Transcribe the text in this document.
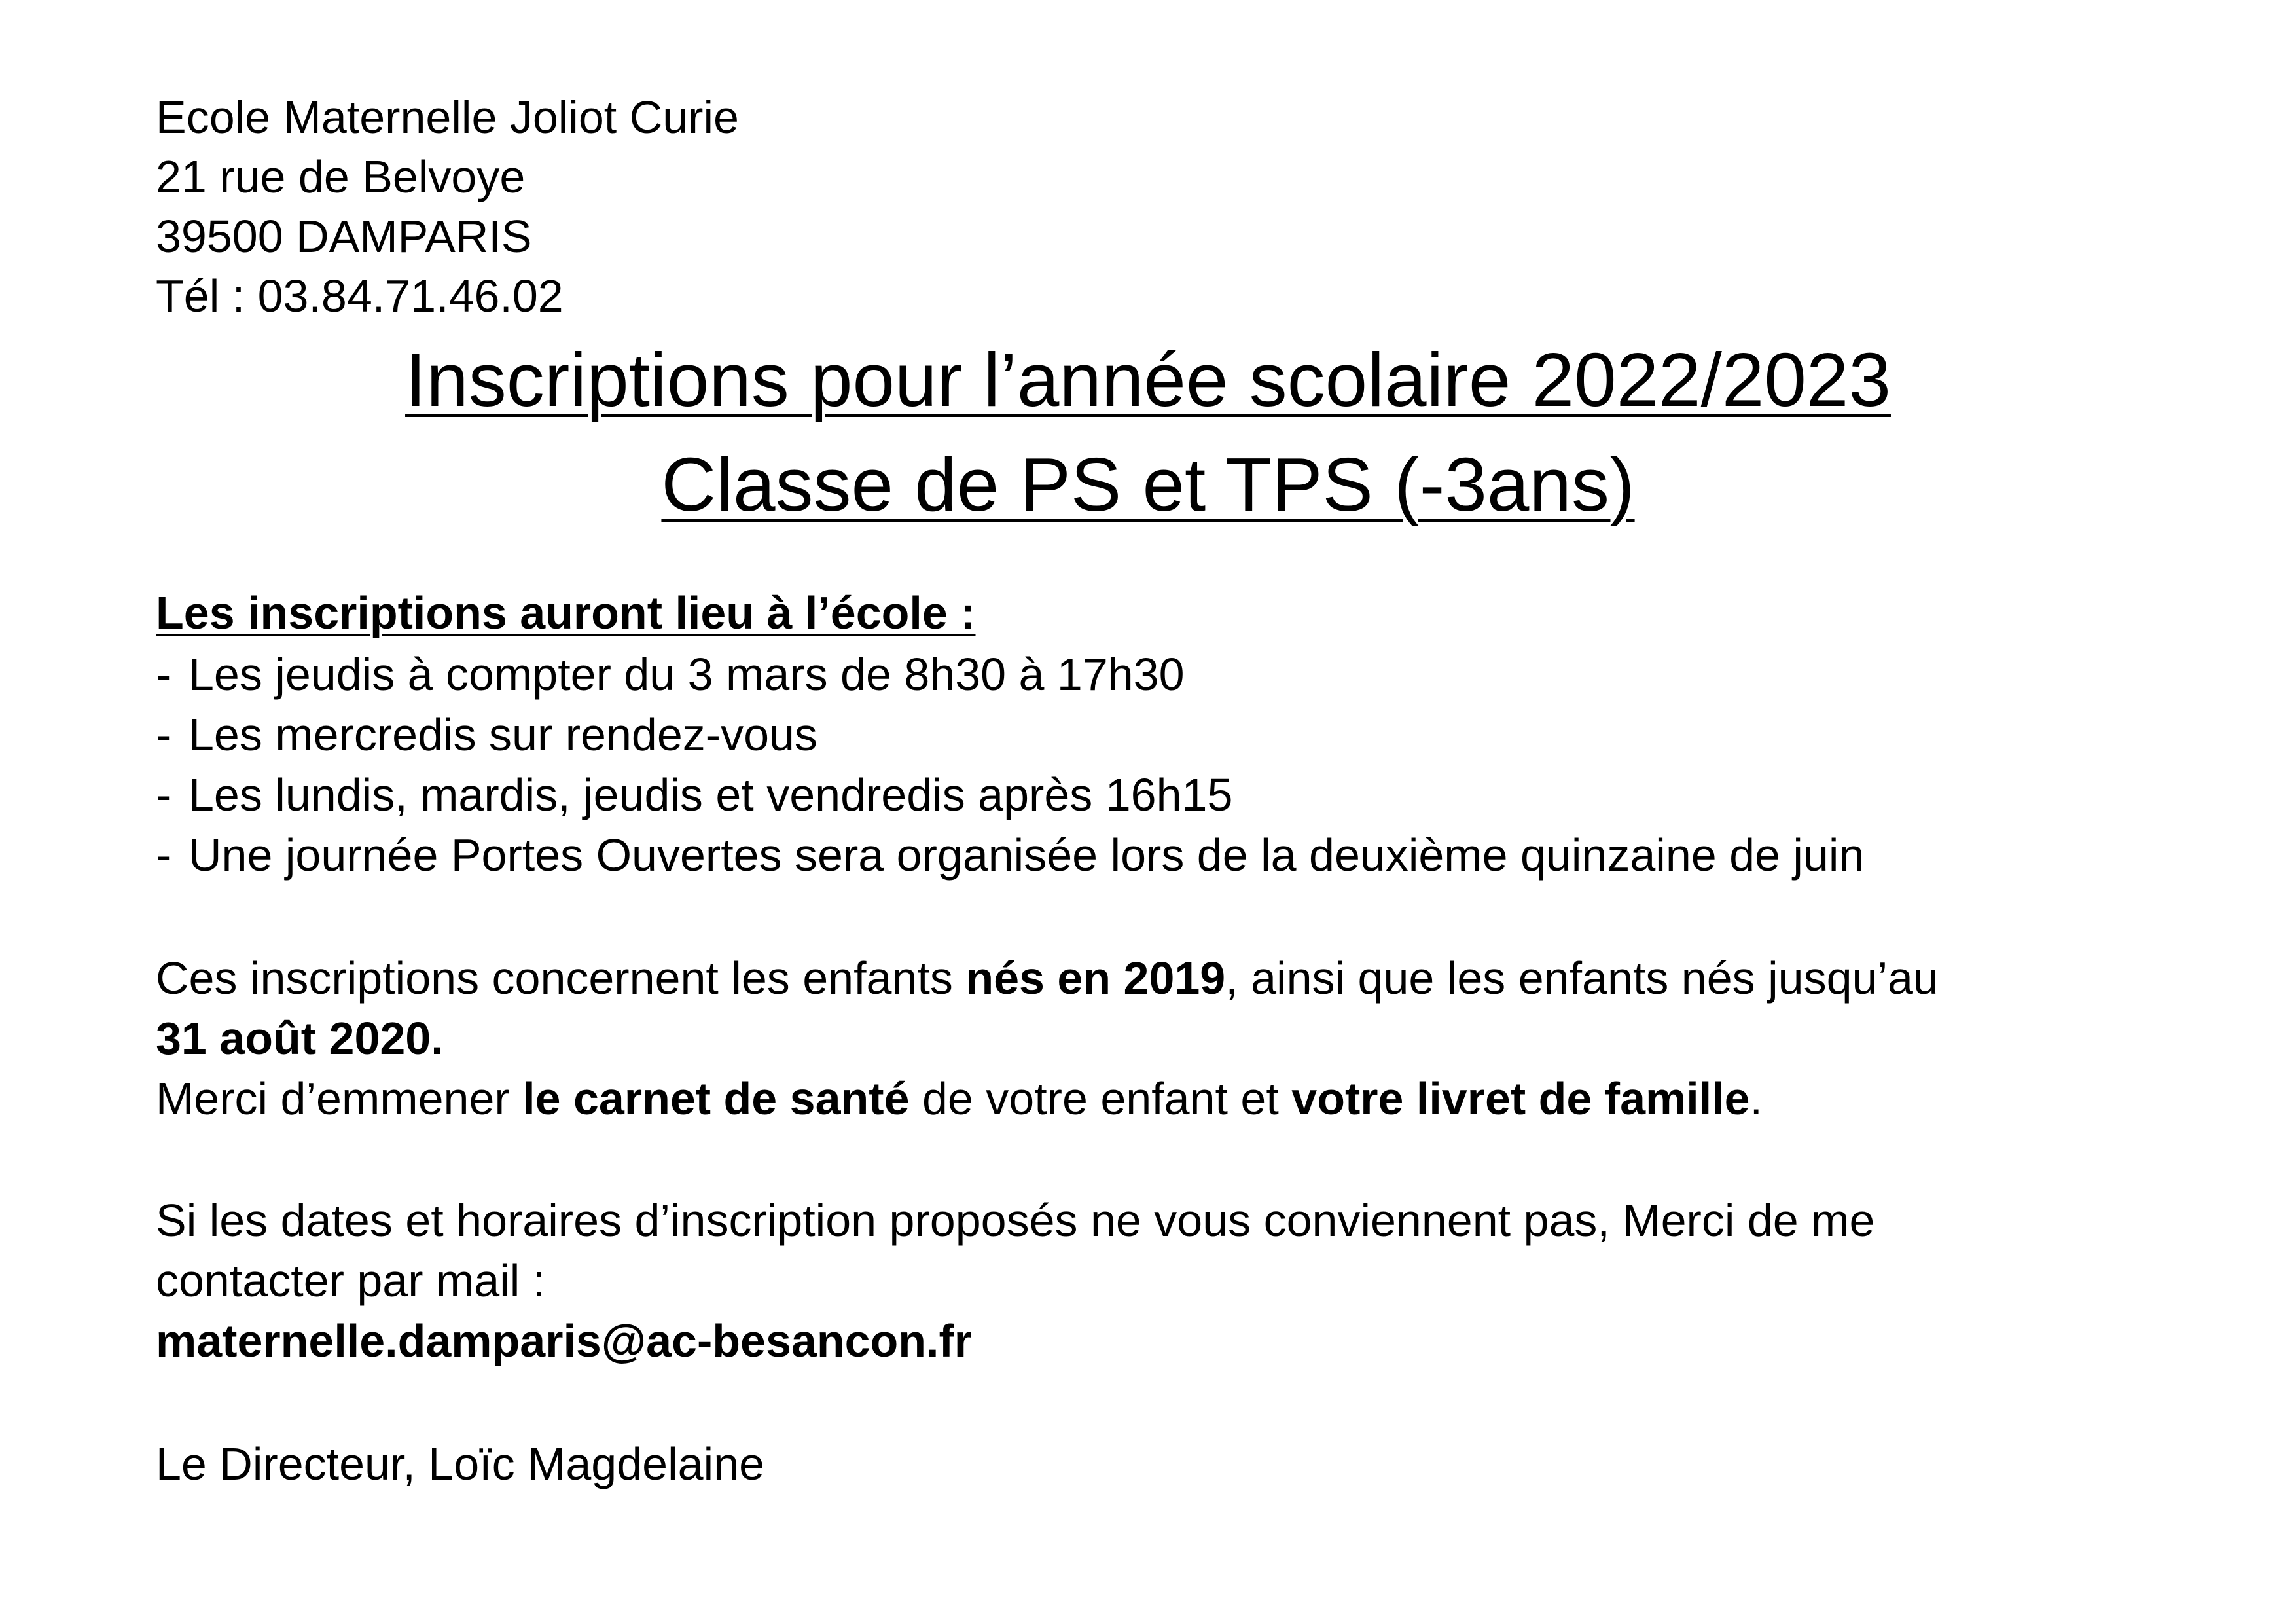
Ecole Maternelle Joliot Curie

21 rue de Belvoye

39500 DAMPARIS

Tél : 03.84.71.46.02

Inscriptions pour l’année scolaire 2022/2023
Classe de PS et TPS (-3ans)

Les inscriptions auront lieu à l’école :

- Les jeudis à compter du 3 mars de 8h30 à 17h30
- Les mercredis sur rendez-vous
- Les lundis, mardis, jeudis et vendredis après 16h15
- Une journée Portes Ouvertes sera organisée lors de la deuxième quinzaine de juin

Ces inscriptions concernent les enfants nés en 2019, ainsi que les enfants nés jusqu’au

31 août 2020.

Merci d’emmener le carnet de santé de votre enfant et votre livret de famille.

Si les dates et horaires d’inscription proposés ne vous conviennent pas, Merci de me

contacter par mail :

maternelle.damparis@ac-besancon.fr

Le Directeur, Loïc Magdelaine
